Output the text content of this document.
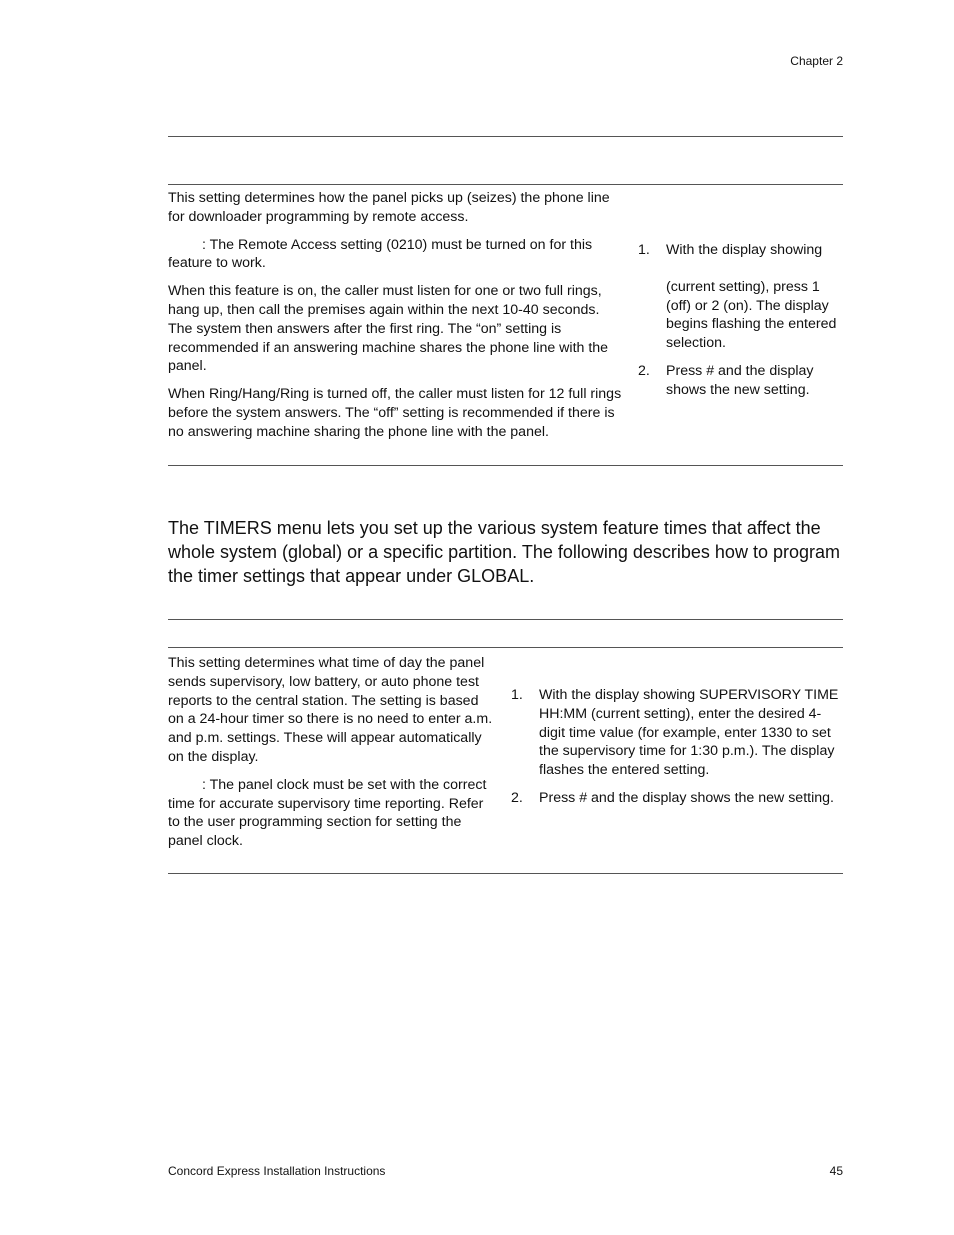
Chapter 2

This setting determines how the panel picks up (seizes) the phone line for downloader programming by remote access.

: The Remote Access setting (0210) must be turned on for this feature to work.

When this feature is on, the caller must listen for one or two full rings, hang up, then call the premises again within the next 10-40 seconds. The system then answers after the first ring. The “on” setting is recommended if an answering machine shares the phone line with the panel.

When Ring/Hang/Ring is turned off, the caller must listen for 12 full rings before the system answers. The “off” setting is recommended if there is no answering machine sharing the phone line with the panel.

1. With the display showing
(current setting), press 1 (off) or 2 (on). The display begins flashing the entered selection.
2. Press # and the display shows the new setting.

The TIMERS menu lets you set up the various system feature times that affect the whole system (global) or a specific partition. The following describes how to program the timer settings that appear under GLOBAL.

This setting determines what time of day the panel sends supervisory, low battery, or auto phone test reports to the central station. The setting is based on a 24-hour timer so there is no need to enter a.m. and p.m. settings. These will appear automatically on the display.

: The panel clock must be set with the correct time for accurate supervisory time reporting. Refer to the user programming section for setting the panel clock.

1. With the display showing SUPERVISORY TIME HH:MM (current setting), enter the desired 4-digit time value (for example, enter 1330 to set the supervisory time for 1:30 p.m.). The display flashes the entered setting.
2. Press # and the display shows the new setting.
Concord Express Installation Instructions	45
